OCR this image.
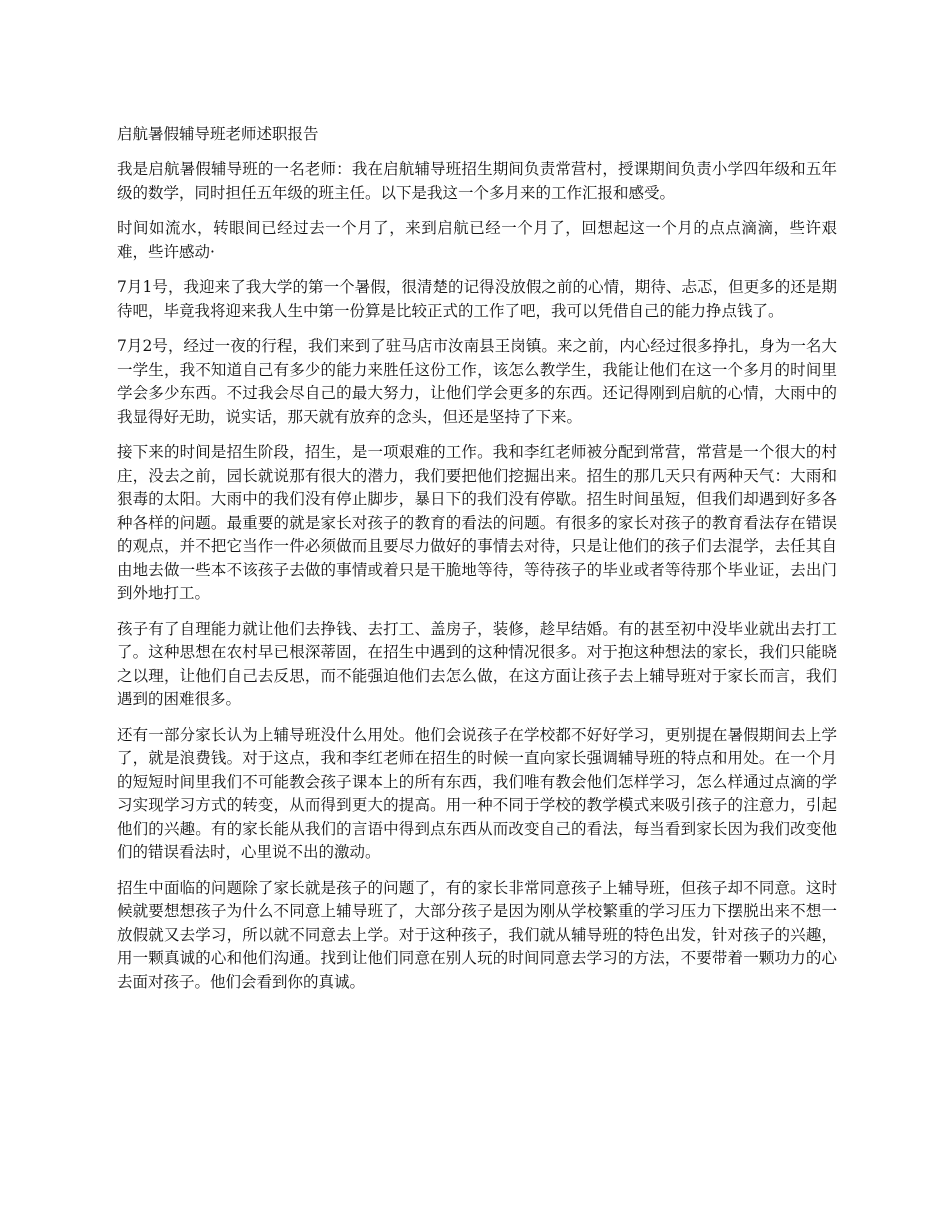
启航暑假辅导班老师述职报告

我是启航暑假辅导班的一名老师：我在启航辅导班招生期间负责常营村，授课期间负责小学四年级和五年级的数学，同时担任五年级的班主任。以下是我这一个多月来的工作汇报和感受。

时间如流水，转眼间已经过去一个月了，来到启航已经一个月了，回想起这一个月的点点滴滴，些许艰难，些许感动·

7月1号，我迎来了我大学的第一个暑假，很清楚的记得没放假之前的心情，期待、忐忑，但更多的还是期待吧，毕竟我将迎来我人生中第一份算是比较正式的工作了吧，我可以凭借自己的能力挣点钱了。

7月2号，经过一夜的行程，我们来到了驻马店市汝南县王岗镇。来之前，内心经过很多挣扎，身为一名大一学生，我不知道自己有多少的能力来胜任这份工作，该怎么教学生，我能让他们在这一个多月的时间里学会多少东西。不过我会尽自己的最大努力，让他们学会更多的东西。还记得刚到启航的心情，大雨中的我显得好无助，说实话，那天就有放弃的念头，但还是坚持了下来。

接下来的时间是招生阶段，招生，是一项艰难的工作。我和李红老师被分配到常营，常营是一个很大的村庄，没去之前，园长就说那有很大的潜力，我们要把他们挖掘出来。招生的那几天只有两种天气：大雨和狠毒的太阳。大雨中的我们没有停止脚步，暴日下的我们没有停歇。招生时间虽短，但我们却遇到好多各种各样的问题。最重要的就是家长对孩子的教育的看法的问题。有很多的家长对孩子的教育看法存在错误的观点，并不把它当作一件必须做而且要尽力做好的事情去对待，只是让他们的孩子们去混学，去任其自由地去做一些本不该孩子去做的事情或着只是干脆地等待，等待孩子的毕业或者等待那个毕业证，去出门到外地打工。

孩子有了自理能力就让他们去挣钱、去打工、盖房子，装修，趁早结婚。有的甚至初中没毕业就出去打工了。这种思想在农村早已根深蒂固，在招生中遇到的这种情况很多。对于抱这种想法的家长，我们只能晓之以理，让他们自己去反思，而不能强迫他们去怎么做，在这方面让孩子去上辅导班对于家长而言，我们遇到的困难很多。

还有一部分家长认为上辅导班没什么用处。他们会说孩子在学校都不好好学习，更别提在暑假期间去上学了，就是浪费钱。对于这点，我和李红老师在招生的时候一直向家长强调辅导班的特点和用处。在一个月的短短时间里我们不可能教会孩子课本上的所有东西，我们唯有教会他们怎样学习，怎么样通过点滴的学习实现学习方式的转变，从而得到更大的提高。用一种不同于学校的教学模式来吸引孩子的注意力，引起他们的兴趣。有的家长能从我们的言语中得到点东西从而改变自己的看法，每当看到家长因为我们改变他们的错误看法时，心里说不出的激动。

招生中面临的问题除了家长就是孩子的问题了，有的家长非常同意孩子上辅导班，但孩子却不同意。这时候就要想想孩子为什么不同意上辅导班了，大部分孩子是因为刚从学校繁重的学习压力下摆脱出来不想一放假就又去学习，所以就不同意去上学。对于这种孩子，我们就从辅导班的特色出发，针对孩子的兴趣，用一颗真诚的心和他们沟通。找到让他们同意在别人玩的时间同意去学习的方法，不要带着一颗功力的心去面对孩子。他们会看到你的真诚。
